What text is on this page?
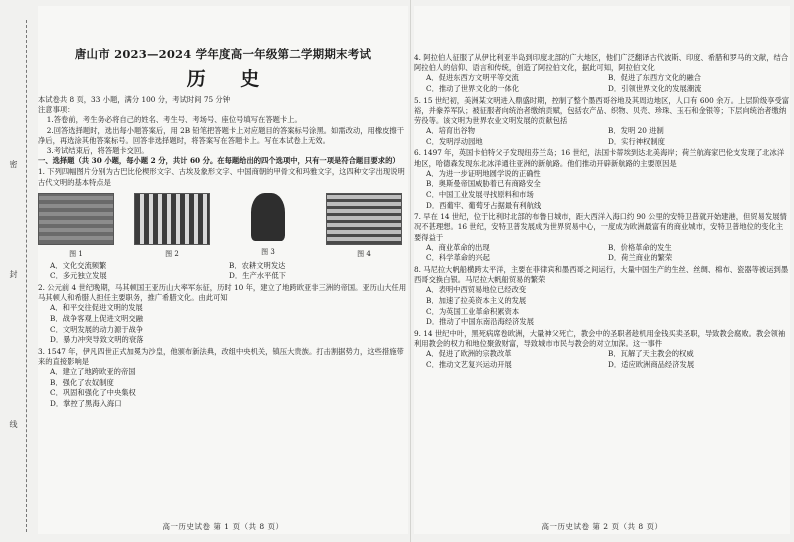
密
封
线
唐山市 2023—2024 学年度高一年级第二学期期末考试
历 史

本试卷共 8 页，33 小题，满分 100 分，考试时间 75 分钟

注意事项：

1.答卷前，考生务必将自己的姓名、考生号、考场号、座位号填写在答题卡上。

2.回答选择题时，选出每小题答案后，用 2B 铅笔把答题卡上对应题目的答案标号涂黑。如需改动，用橡皮擦干净后，再选涂其他答案标号。回答非选择题时，将答案写在答题卡上。写在本试卷上无效。

3.考试结束后，将答题卡交回。

一、选择题（共 30 小题，每小题 2 分，共计 60 分。在每题给出的四个选项中，只有一项是符合题目要求的）

1. 下列四幅图片分别为古巴比伦楔形文字、古埃及象形文字、中国商朝的甲骨文和玛雅文字，这四种文字出现说明古代文明的基本特点是

图 1	图 2	图 3	图 4
A．文化交流频繁	B．农耕文明发达
C．多元独立发展	D．生产水平低下

2. 公元前 4 世纪晚期，马其顿国王亚历山大率军东征，历时 10 年，建立了地跨欧亚非三洲的帝国。亚历山大任用马其顿人和希腊人担任主要职务，推广希腊文化。由此可知

A．和平交往促进文明的发展
B．战争客观上促进文明交融
C．文明发展的动力源于战争
D．暴力冲突导致文明的衰落

3. 1547 年，伊凡四世正式加冕为沙皇，他颁布新法典，改组中央机关，镇压大贵族。打击割据势力，这些措施带来的直接影响是

A．建立了地跨欧亚的帝国
B．强化了农奴制度
C．巩固和强化了中央集权
D．掌控了黑海入海口
高一历史试卷 第 1 页（共 8 页）

4. 阿拉伯人征服了从伊比利亚半岛到印度北部的广大地区，他们广泛翻译古代波斯、印度、希腊和罗马的文献，结合阿拉伯人的信仰、语言和传统，创造了阿拉伯文化，据此可知，阿拉伯文化

A．促进东西方文明平等交流	B．促进了东西方文化的融合
C．推动了世界文化的一体化	D．引领世界文化的发展潮流

5. 15 世纪初，美洲某文明进入鼎盛时期，控制了整个墨西哥谷地及其周边地区，人口有 600 余万。上层阶级享受富裕，并豢养军队；被征服者向统治者缴纳贡赋，包括农产品、织物、贝壳、珍珠、玉石和金银等；下层向统治者缴纳劳役等。该文明为世界农业文明发展的贡献包括

A．培育出谷物	B．发明 20 进制
C．发明浮动园地	D．实行神权制度

6. 1497 年，英国卡伯特父子发现纽芬兰岛；16 世纪，法国卡蒂埃到达北美海岸；荷兰航海家巴伦支发现了北冰洋地区，哈德森发现东北冰洋通往亚洲的新航路。他们推动开辟新航路的主要原因是

A．为进一步证明地圆学说的正确性
B．奥斯曼帝国威胁着已有商路安全
C．中国工业发展寻找原料和市场
D．西葡牢、葡萄牙占据最有利航线

7. 早在 14 世纪，位于比利时北部的布鲁日城市，距大西洋入海口约 90 公里的安特卫普就开始建港，但贸易发展情况不甚理想。16 世纪，安特卫普发展成为世界贸易中心，一度成为欧洲最富有的商业城市，安特卫普地位的变化主要得益于

A．商业革命的出现	B．价格革命的发生
C．科学革命的兴起	D．荷兰商业的繁荣

8. 马尼拉大帆船横跨太平洋，主要在菲律宾和墨西哥之间运行，大量中国生产的生丝、丝绸、棉布、瓷器等被运到墨西哥交换白银。马尼拉大帆船贸易的繁荣

A．表明中西贸易地位已经改变
B．加速了拉美资本主义的发展
C．为英国工业革命积累资本
D．推动了中国东南沿海经济发展

9. 14 世纪中叶，黑死病席卷欧洲，大量神父死亡，教会中的圣职者趁机用金钱买卖圣职，导致教会腐败。教会领袖利用教会的权力和地位聚敛财富，导致城市市民与教会的对立加深。这一事件

A．促进了欧洲的宗教改革	B．瓦解了天主教会的权威
C．推动文艺复兴运动开展	D．适应欧洲商品经济发展
高一历史试卷 第 2 页（共 8 页）
